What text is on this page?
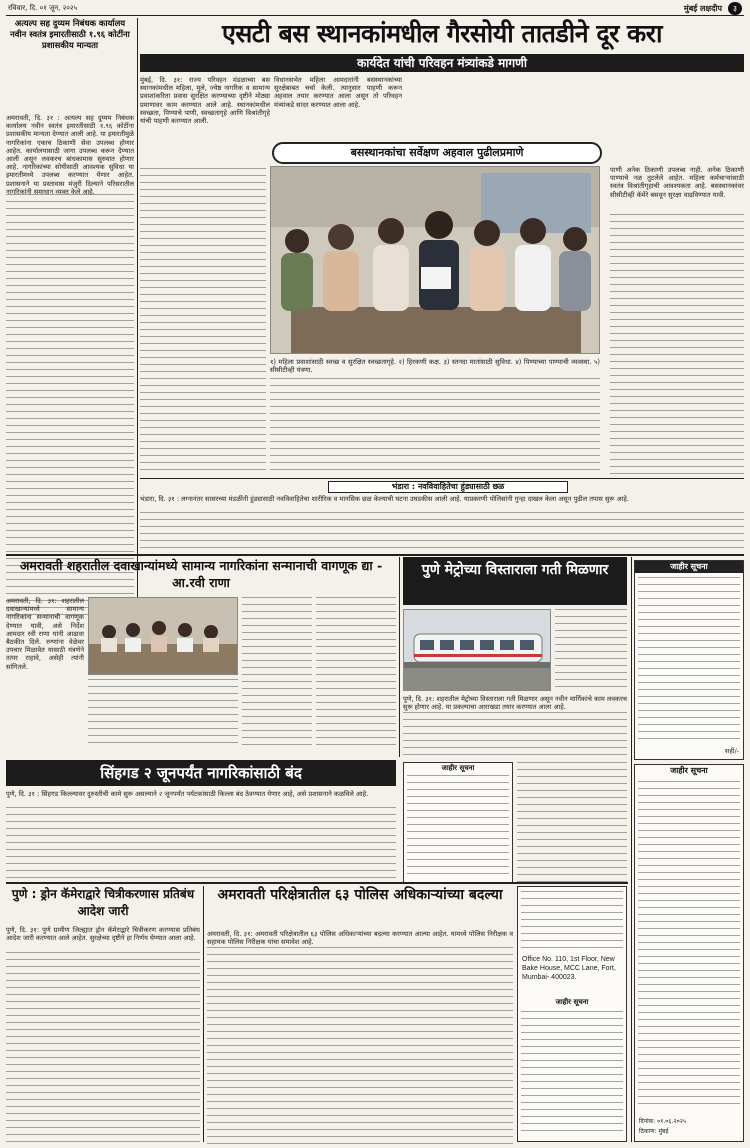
रविवार, दि. ०१ जून, २०२५	मुंबई लक्षदीप	३
अत्यल्प सह दुय्यम निबंधक कार्यालय नवीन स्वतंत्र इमारतीसाठी १.९६ कोटींना प्रशासकीय मान्यता
अमरावती, दि. ३१ : अत्यल्प सह दुय्यम निबंधक कार्यालय नवीन स्वतंत्र इमारतीसाठी १.९६ कोटींना प्रशासकीय मान्यता देण्यात आली आहे. या इमारतीमुळे नागरिकांना एकाच ठिकाणी सेवा उपलब्ध होणार आहेत. कार्यालयासाठी जागा उपलब्ध करून देण्यात आली असून लवकरच बांधकामास सुरुवात होणार आहे. नागरिकांच्या सोयीसाठी आवश्यक सुविधा या इमारतीमध्ये उपलब्ध करण्यात येणार आहेत. प्रशासनाने या प्रस्तावास मंजुरी दिल्याने परिसरातील नागरिकांनी समाधान व्यक्त केले आहे.
एसटी बस स्थानकांमधील गैरसोयी तातडीने दूर करा
कार्यदेत यांची परिवहन मंत्र्यांकडे मागणी
मुंबई, दि. ३१: राज्य परिवहन मंडळाच्या बस स्थानकांमधील महिला, मुले, ज्येष्ठ नागरिक व सामान्य प्रवाशांकरिता प्रवास सुरक्षित करण्याच्या दृष्टीने मोठ्या प्रमाणावर काम करण्यात आले आहे. स्थानकांमधील स्वच्छता, पिण्याचे पाणी, स्वच्छतागृहे आणि विश्रांतीगृहे यांची पाहणी करण्यात आली.
विधानसभेत महिला आमदारांनी बसस्थानकांच्या सुरक्षेबाबत चर्चा केली. त्यानुसार पाहणी करून अहवाल तयार करण्यात आला असून तो परिवहन मंत्र्यांकडे सादर करण्यात आला आहे.
बसस्थानकांचा सर्वेक्षण अहवाल पुढीलप्रमाणे
पाणी अनेक ठिकाणी उपलब्ध नाही. अनेक ठिकाणी पाण्याचे नळ तुटलेले आहेत. महिला कर्मचाऱ्यांसाठी स्वतंत्र विश्रांतीगृहाची आवश्यकता आहे. बसस्थानकांवर सीसीटीव्ही कॅमेरे बसवून सुरक्षा वाढविण्यात यावी.
१) महिला प्रवाशांसाठी स्वच्छ व सुरक्षित स्वच्छतागृहे. २) हिरकणी कक्ष. ३) स्तनदा मातांसाठी सुविधा. ४) पिण्याच्या पाण्याची व्यवस्था. ५) सीसीटीव्ही यंत्रणा.
भंडारा : नवविवाहितेचा हुंड्यासाठी छळ
भंडारा, दि. ३१ : लग्नानंतर सासरच्या मंडळींनी हुंड्यासाठी नवविवाहितेचा शारीरिक व मानसिक छळ केल्याची घटना उघडकीस आली आहे. याप्रकरणी पोलिसांनी गुन्हा दाखल केला असून पुढील तपास सुरू आहे.
अमरावती शहरातील दवाखान्यांमध्ये सामान्य नागरिकांना सन्मानाची वागणूक द्या - आ.रवी राणा
अमरावती, दि. ३१: शहरातील दवाखान्यांमध्ये सामान्य नागरिकांना सन्मानाची वागणूक देण्यात यावी, असे निर्देश आमदार रवी राणा यांनी आढावा बैठकीत दिले. रुग्णांना वेळेवर उपचार मिळावेत यासाठी यंत्रणेने तत्पर राहावे, असेही त्यांनी सांगितले.
पुणे मेट्रोच्या विस्ताराला गती मिळणार
पुणे, दि. ३१: शहरातील मेट्रोच्या विस्ताराला गती मिळणार असून नवीन मार्गिकांचे काम लवकरच सुरू होणार आहे. या प्रकल्पाचा आराखडा तयार करण्यात आला आहे.
जाहीर सूचना
सही/-
जाहीर सूचना
दिनांक: ०१.०६.२०२५
ठिकाण: मुंबई
सिंहगड २ जूनपर्यंत नागरिकांसाठी बंद
पुणे, दि. ३१ : सिंहगड किल्ल्यावर दुरुस्तीची कामे सुरू असल्याने २ जूनपर्यंत पर्यटकांसाठी किल्ला बंद ठेवण्यात येणार आहे, असे प्रशासनाने कळविले आहे.
जाहीर सूचना
पुणे : ड्रोन कॅमेराद्वारे चित्रीकरणास प्रतिबंध आदेश जारी
पुणे, दि. ३१: पुणे ग्रामीण जिल्ह्यात ड्रोन कॅमेराद्वारे चित्रीकरण करण्यास प्रतिबंध आदेश जारी करण्यात आले आहेत. सुरक्षेच्या दृष्टीने हा निर्णय घेण्यात आला आहे.
अमरावती परिक्षेत्रातील ६३ पोलिस अधिकाऱ्यांच्या बदल्या
अमरावती, दि. ३१: अमरावती परिक्षेत्रातील ६३ पोलिस अधिकाऱ्यांच्या बदल्या करण्यात आल्या आहेत. यामध्ये पोलिस निरीक्षक व सहायक पोलिस निरीक्षक यांचा समावेश आहे.
Office No. 110, 1st Floor, New Bake House, MCC Lane, Fort, Mumbai- 400023.
जाहीर सूचना
